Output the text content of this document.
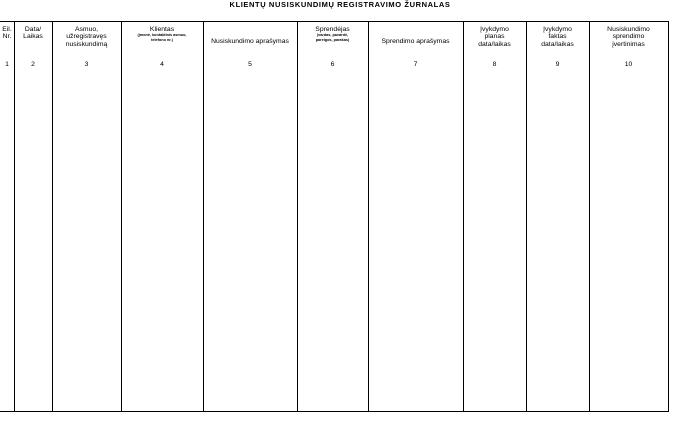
KLIENTŲ NUSISKUNDIMŲ REGISTRAVIMO ŽURNALAS
Eil.
Nr.
1
Data/
Laikas
2
Asmuo,
užregistravęs
nusiskundimą
3
Klientas
(įmonė, kontaktinis asmuo,
telefono nr.)
4
Nusiskundimo aprašymas
5
Sprendėjas
(vardas, pavardė,
pareigos, parašas)
6
Sprendimo aprašymas
7
Įvykdymo
planas
data/laikas
8
Įvykdymo
faktas
data/laikas
9
Nusiskundimo
sprendimo
įvertinimas
10
